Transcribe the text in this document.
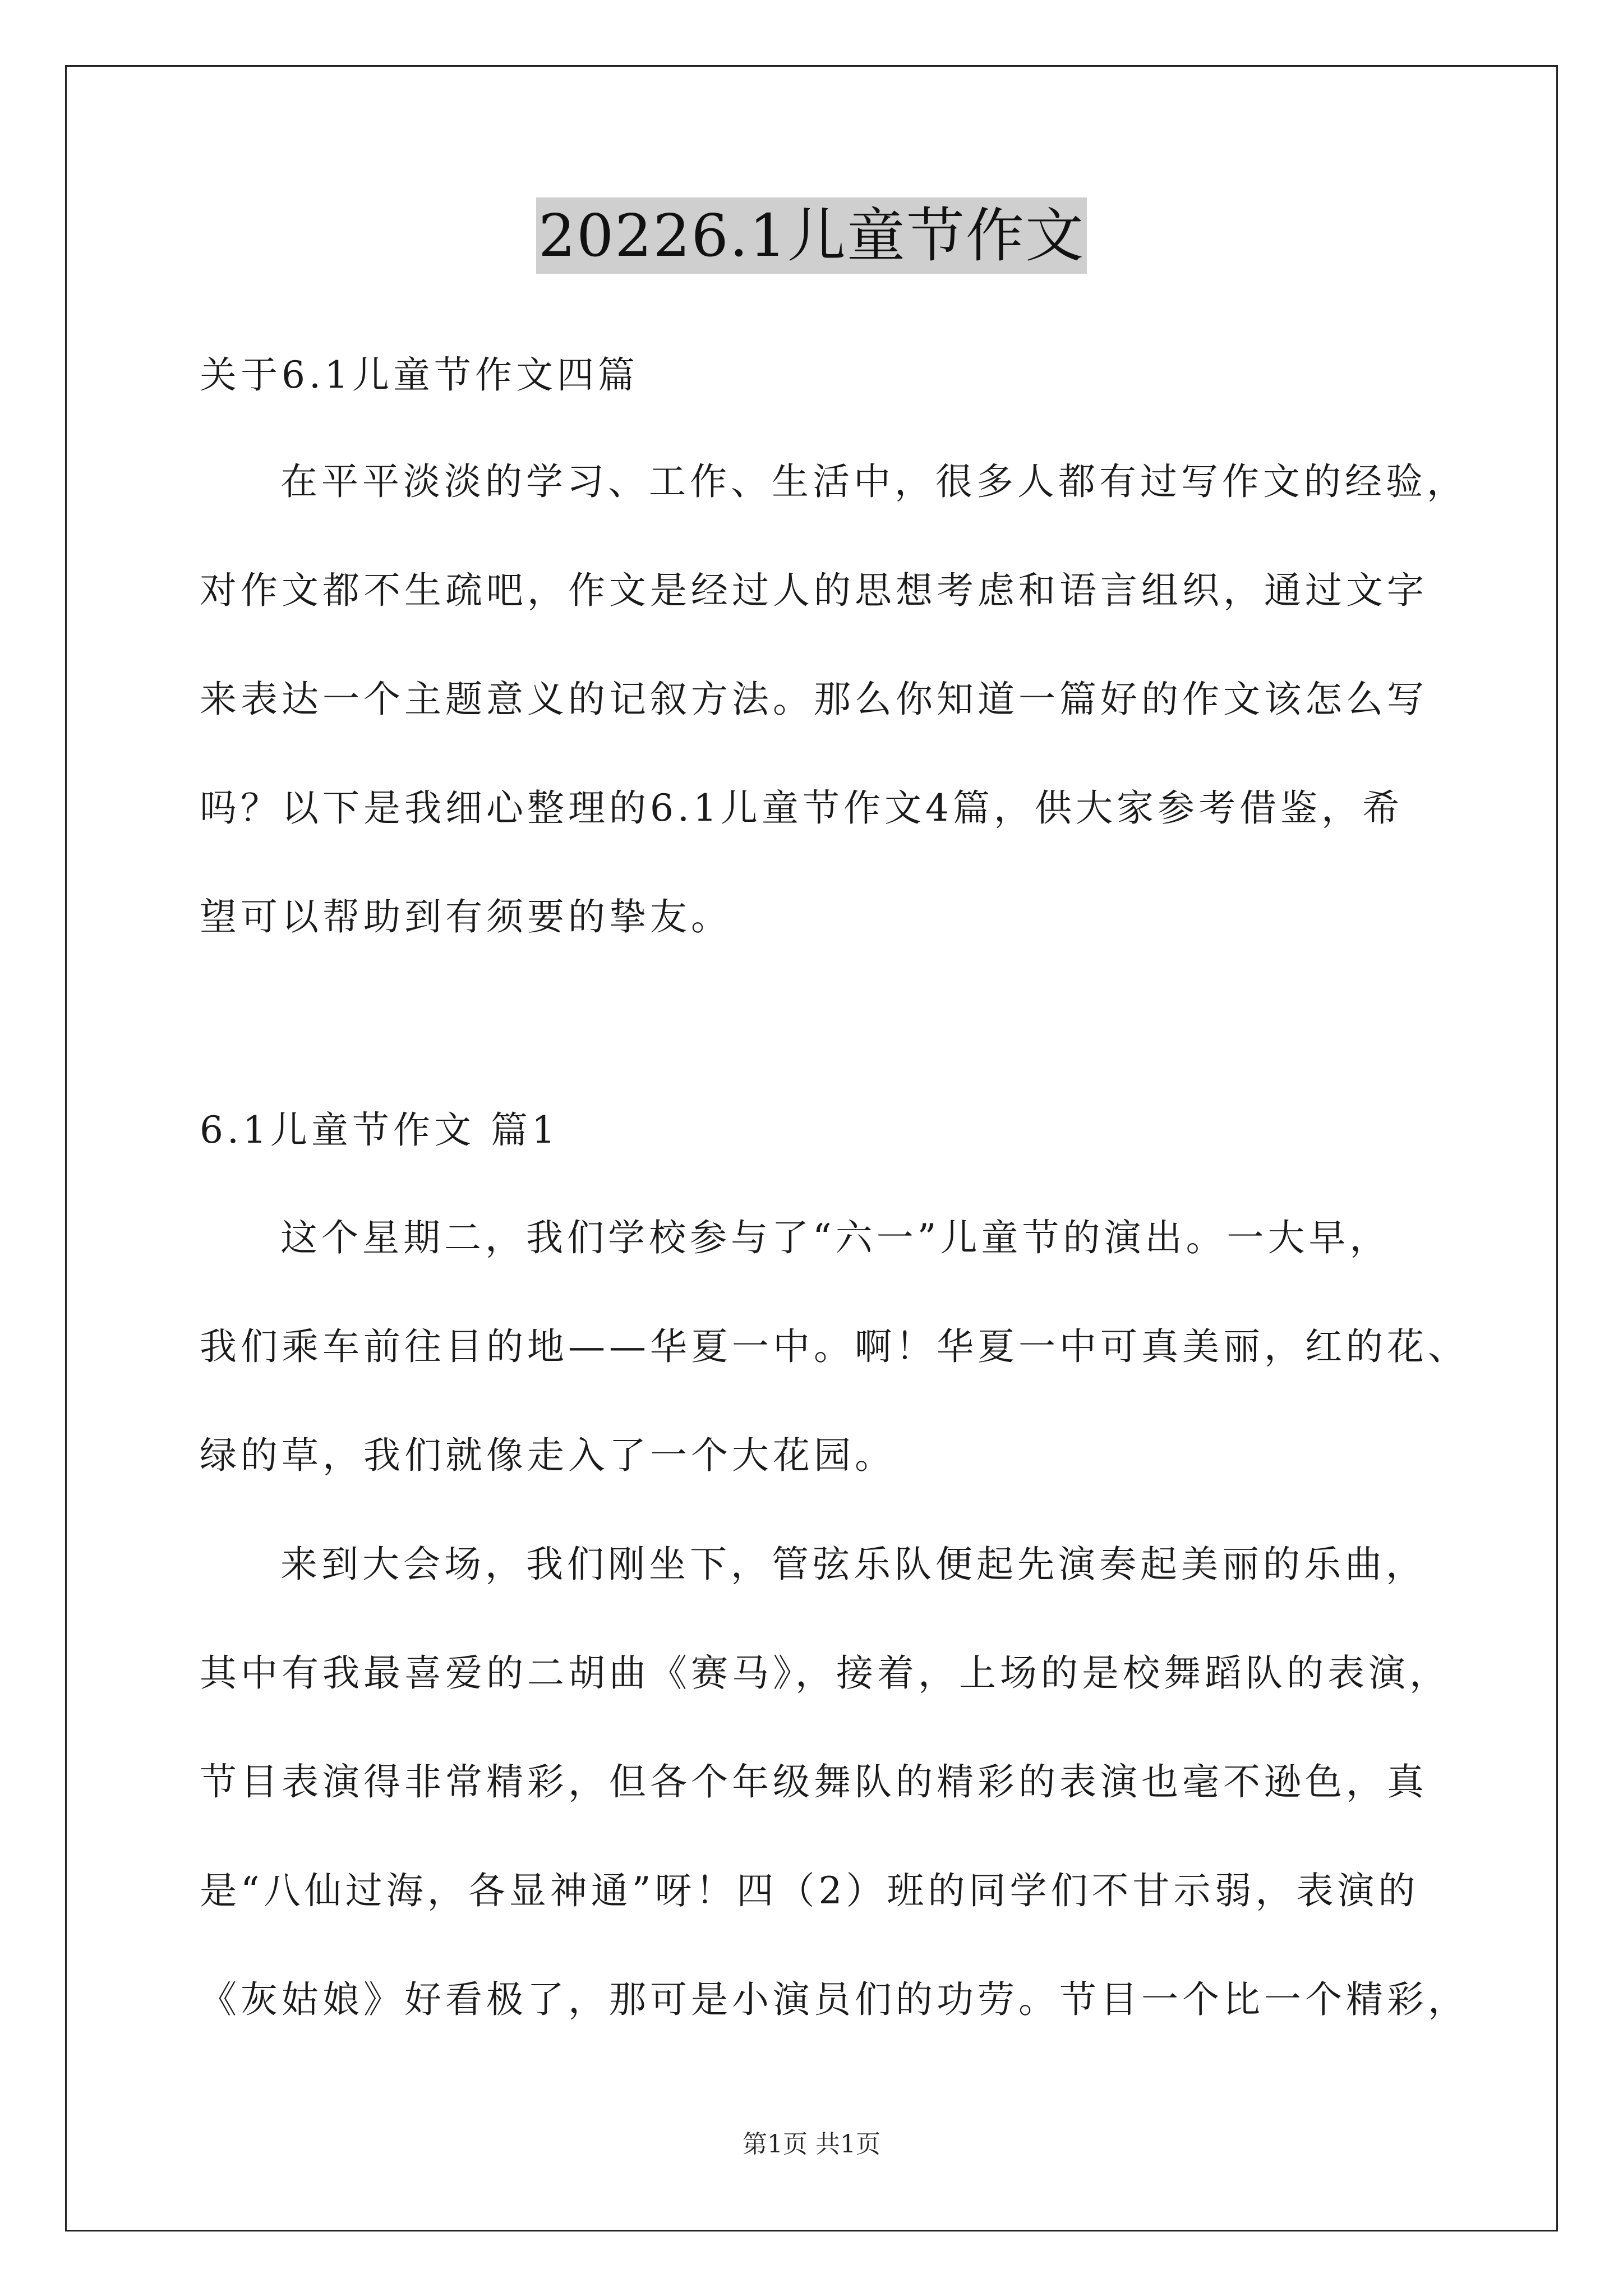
20226.1儿童节作文
关于6.1儿童节作文四篇
在平平淡淡的学习、工作、生活中，很多人都有过写作文的经验，
对作文都不生疏吧，作文是经过人的思想考虑和语言组织，通过文字
来表达一个主题意义的记叙方法。那么你知道一篇好的作文该怎么写
吗？以下是我细心整理的6.1儿童节作文4篇，供大家参考借鉴，希
望可以帮助到有须要的挚友。
6.1儿童节作文 篇1
这个星期二，我们学校参与了“六一”儿童节的演出。一大早，
我们乘车前往目的地——华夏一中。啊！华夏一中可真美丽，红的花、
绿的草，我们就像走入了一个大花园。
来到大会场，我们刚坐下，管弦乐队便起先演奏起美丽的乐曲，
其中有我最喜爱的二胡曲《赛马》，接着，上场的是校舞蹈队的表演，
节目表演得非常精彩，但各个年级舞队的精彩的表演也毫不逊色，真
是“八仙过海，各显神通”呀！四（2）班的同学们不甘示弱，表演的
《灰姑娘》好看极了，那可是小演员们的功劳。节目一个比一个精彩，
第1页 共1页
